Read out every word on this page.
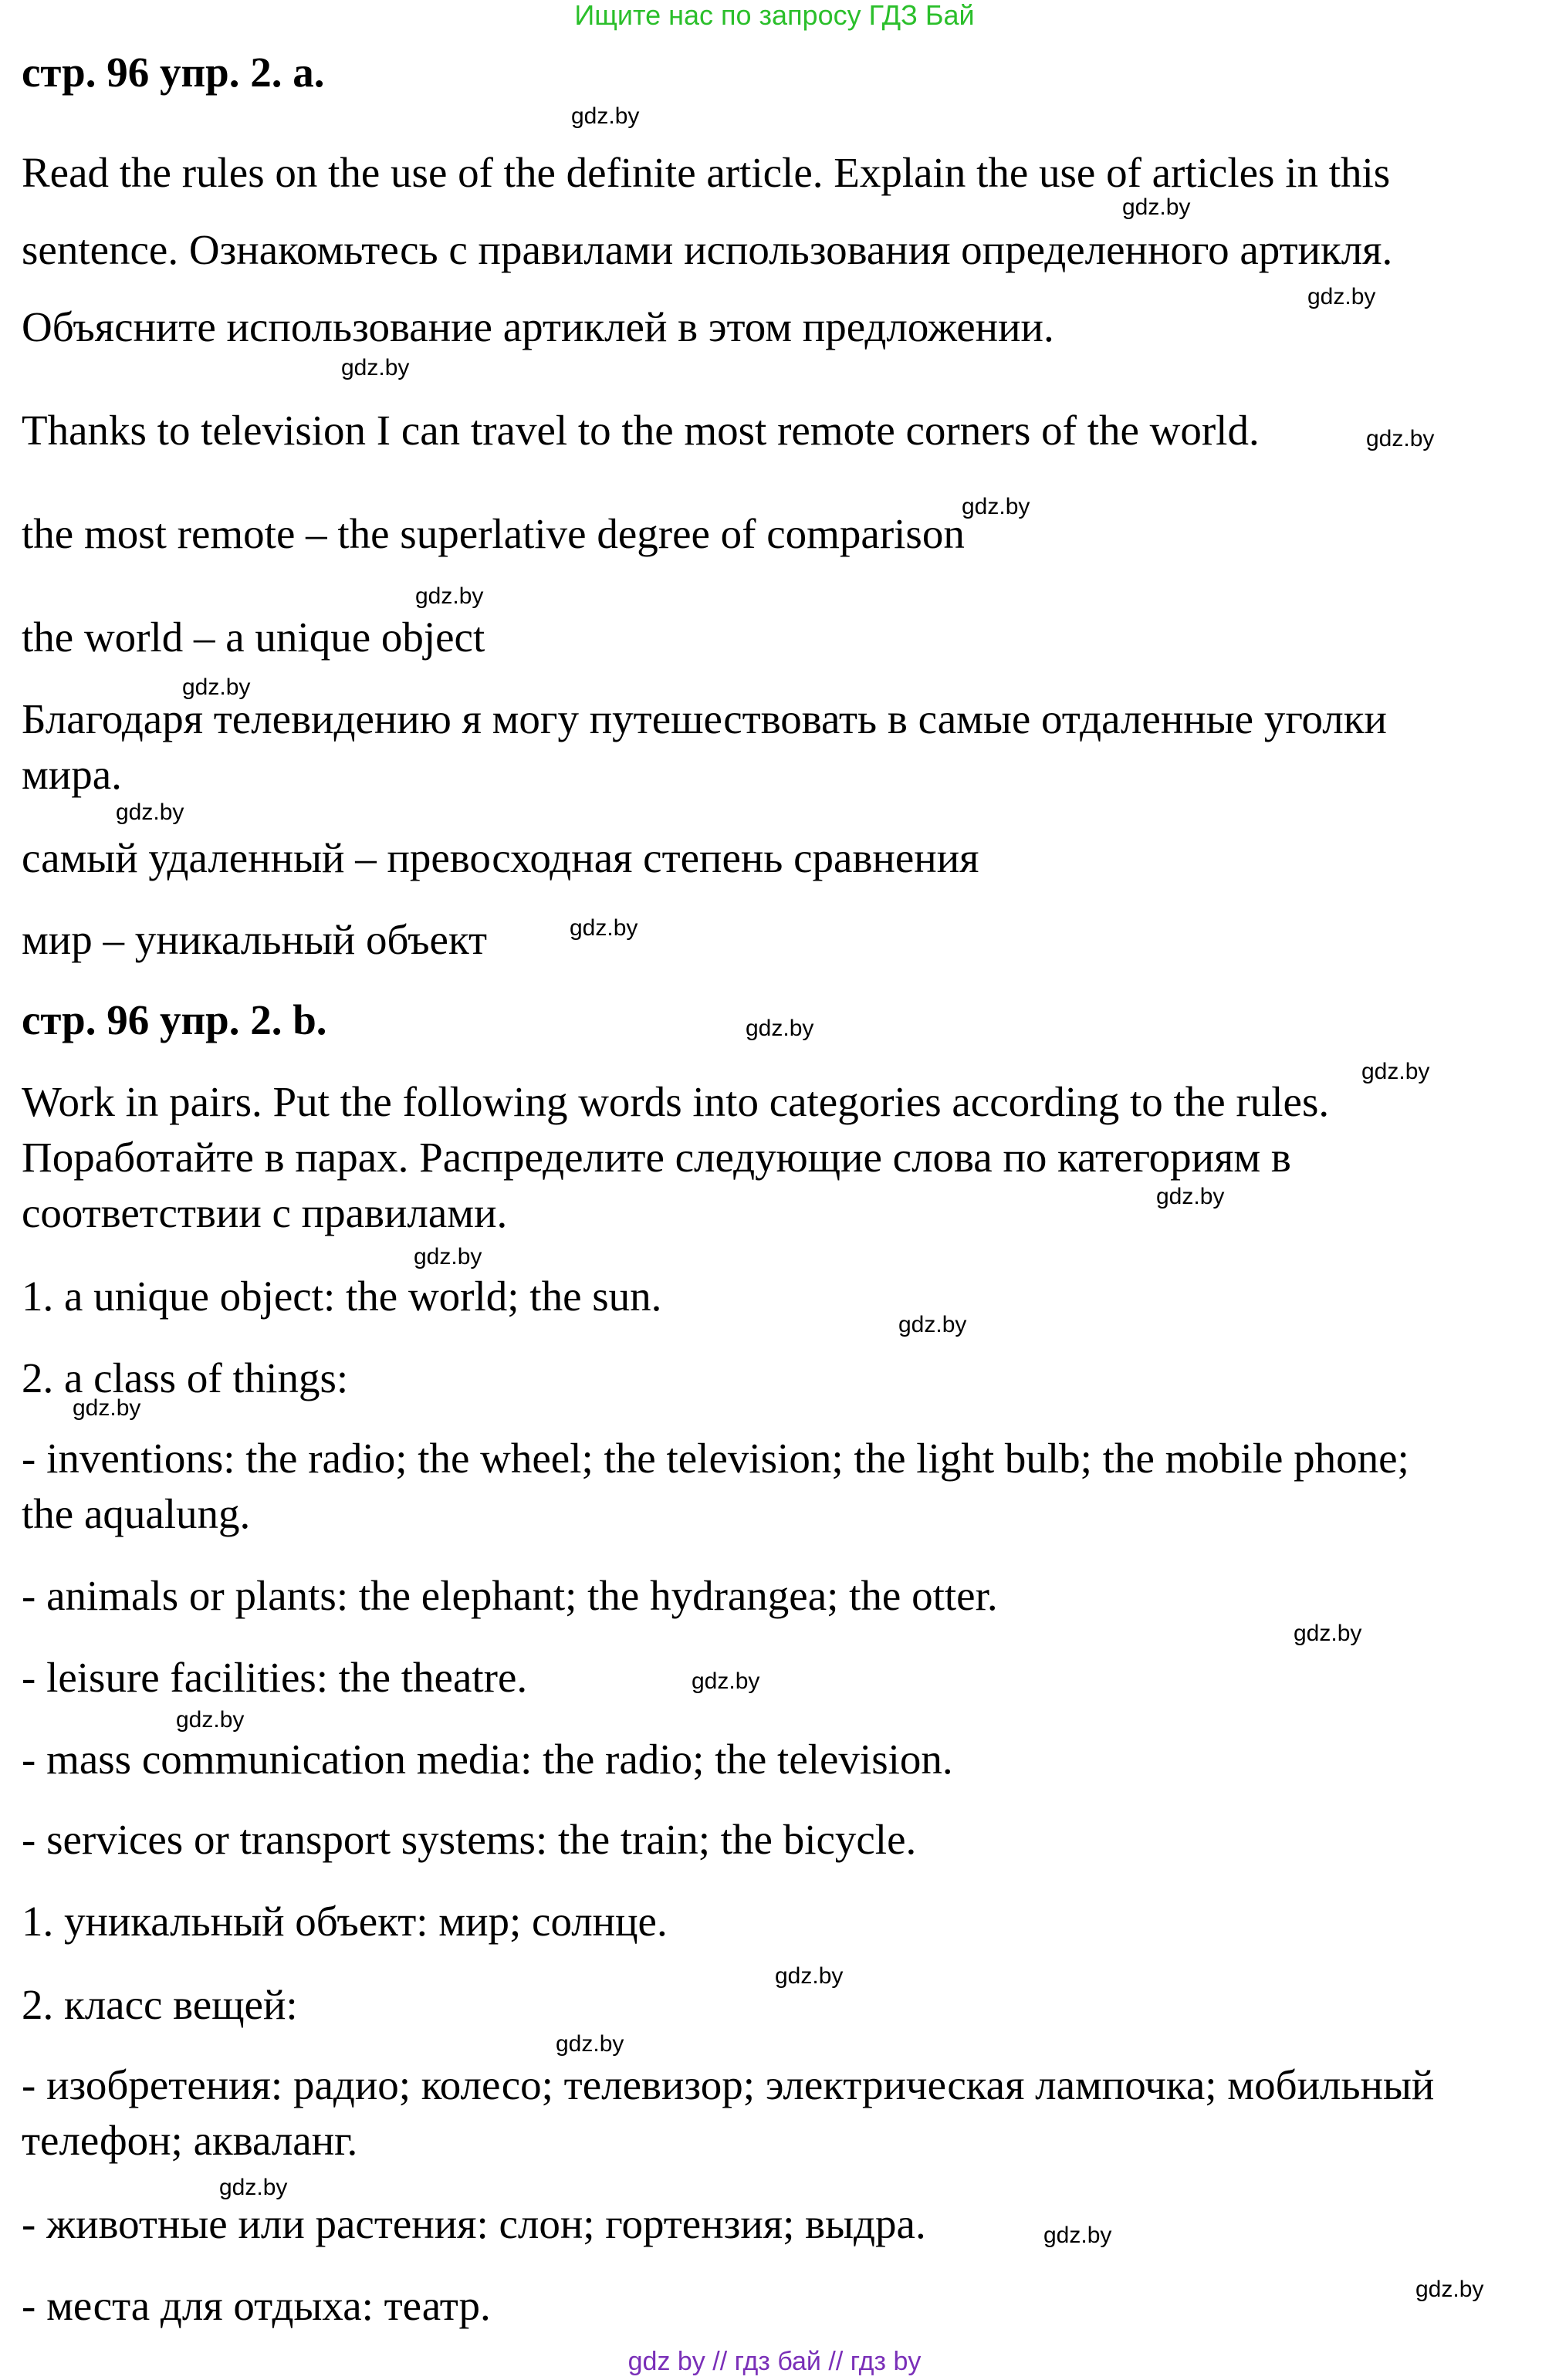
Ищите нас по запросу ГДЗ Бай
стр. 96 упр. 2. a.
Read the rules on the use of the definite article. Explain the use of articles in this
sentence. Ознакомьтесь с правилами использования определенного артикля.
Объясните использование артиклей в этом предложении.
Thanks to television I can travel to the most remote corners of the world.
the most remote – the superlative degree of comparison
the world – a unique object
Благодаря телевидению я могу путешествовать в самые отдаленные уголки
мира.
самый удаленный – превосходная степень сравнения
мир – уникальный объект
стр. 96 упр. 2. b.
Work in pairs. Put the following words into categories according to the rules.
Поработайте в парах. Распределите следующие слова по категориям в
соответствии с правилами.
1. a unique object: the world; the sun.
2. a class of things:
- inventions: the radio; the wheel; the television; the light bulb; the mobile phone;
the aqualung.
- animals or plants: the elephant; the hydrangea; the otter.
- leisure facilities: the theatre.
- mass communication media: the radio; the television.
- services or transport systems: the train; the bicycle.
1. уникальный объект: мир; солнце.
2. класс вещей:
- изобретения: радио; колесо; телевизор; электрическая лампочка; мобильный
телефон; акваланг.
- животные или растения: слон; гортензия; выдра.
- места для отдыха: театр.
gdz.by
gdz.by
gdz.by
gdz.by
gdz.by
gdz.by
gdz.by
gdz.by
gdz.by
gdz.by
gdz.by
gdz.by
gdz.by
gdz.by
gdz.by
gdz.by
gdz.by
gdz.by
gdz.by
gdz.by
gdz.by
gdz.by
gdz.by
gdz.by
gdz by // гдз бай // гдз by
